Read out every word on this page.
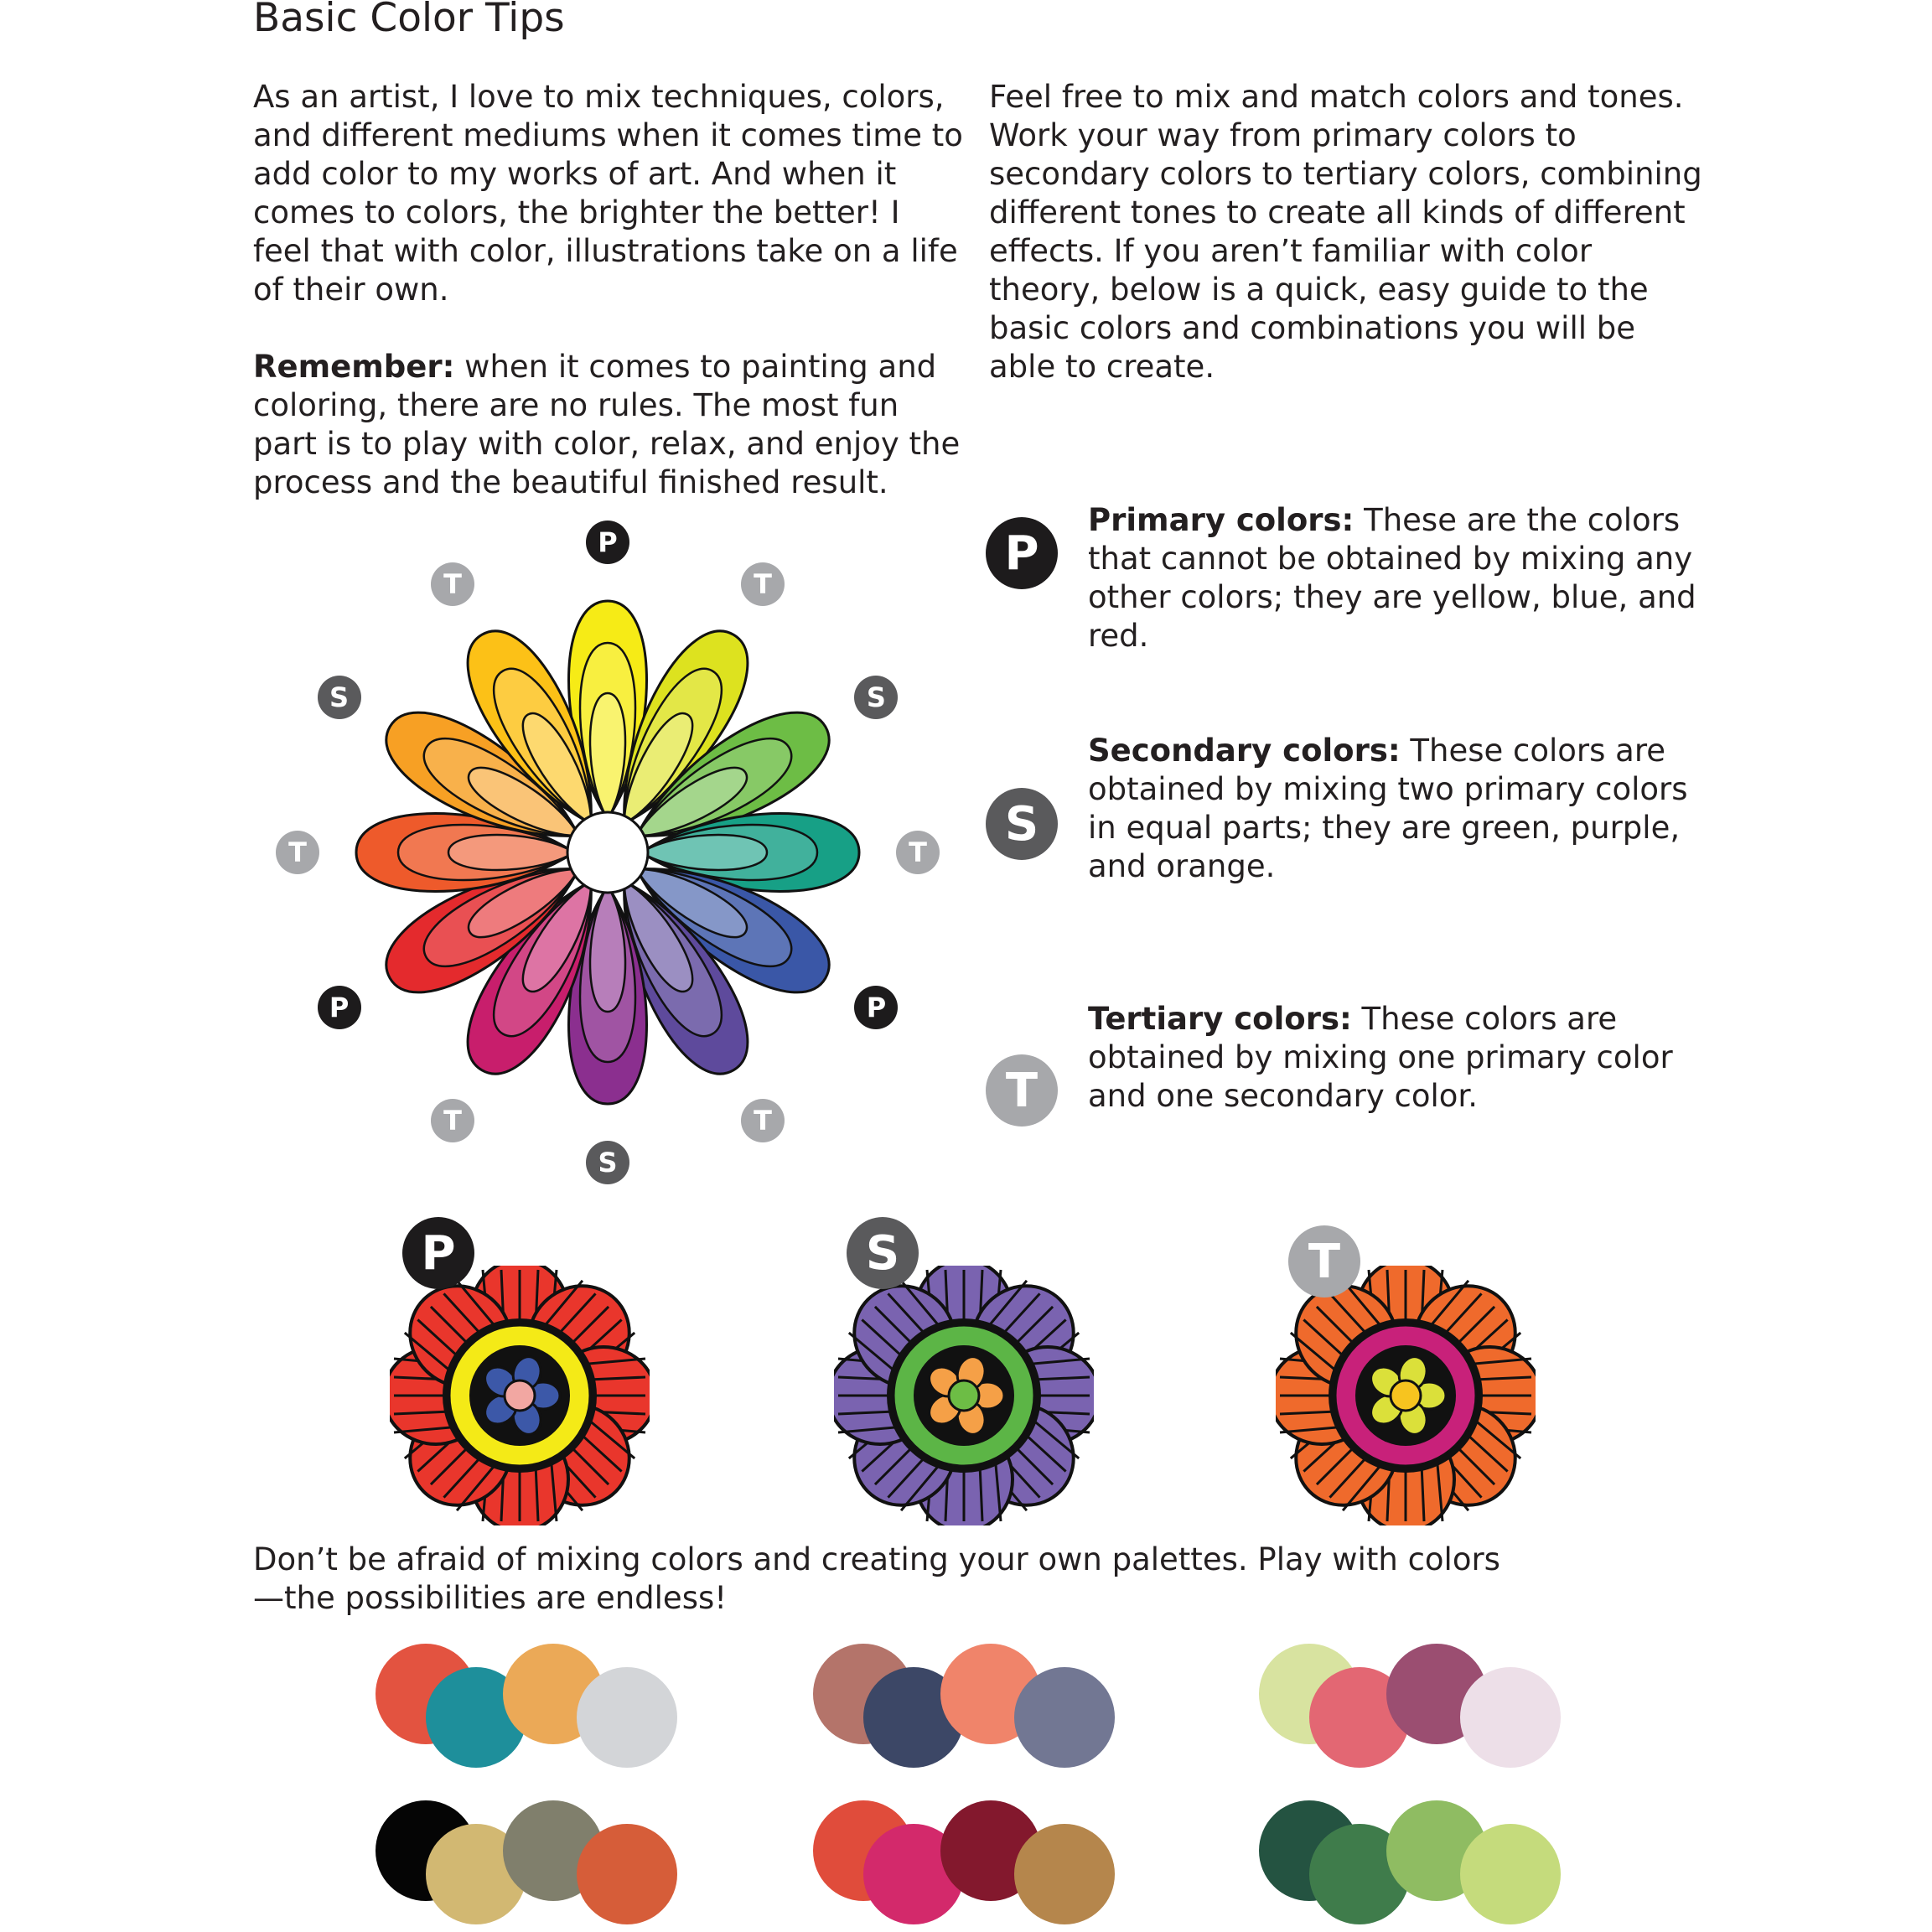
Basic Color Tips

As an artist, I love to mix techniques, colors, and different mediums when it comes time to add color to my works of art. And when it comes to colors, the brighter the better! I feel that with color, illustrations take on a life of their own.

Remember: when it comes to painting and coloring, there are no rules. The most fun part is to play with color, relax, and enjoy the process and the beautiful finished result.

Feel free to mix and match colors and tones. Work your way from primary colors to secondary colors to tertiary colors, combining different tones to create all kinds of different effects. If you aren’t familiar with color theory, below is a quick, easy guide to the basic colors and combinations you will be able to create.

P

Primary colors: These are the colors that cannot be obtained by mixing any other colors; they are yellow, blue, and red.

S

Secondary colors: These colors are obtained by mixing two primary colors in equal parts; they are green, purple, and orange.

T

Tertiary colors: These colors are obtained by mixing one primary color and one secondary color.

P	S	T

Don’t be afraid of mixing colors and creating your own palettes. Play with colors—the possibilities are endless!

P
T
S
T
P
T
S
T
P
T
S
T
